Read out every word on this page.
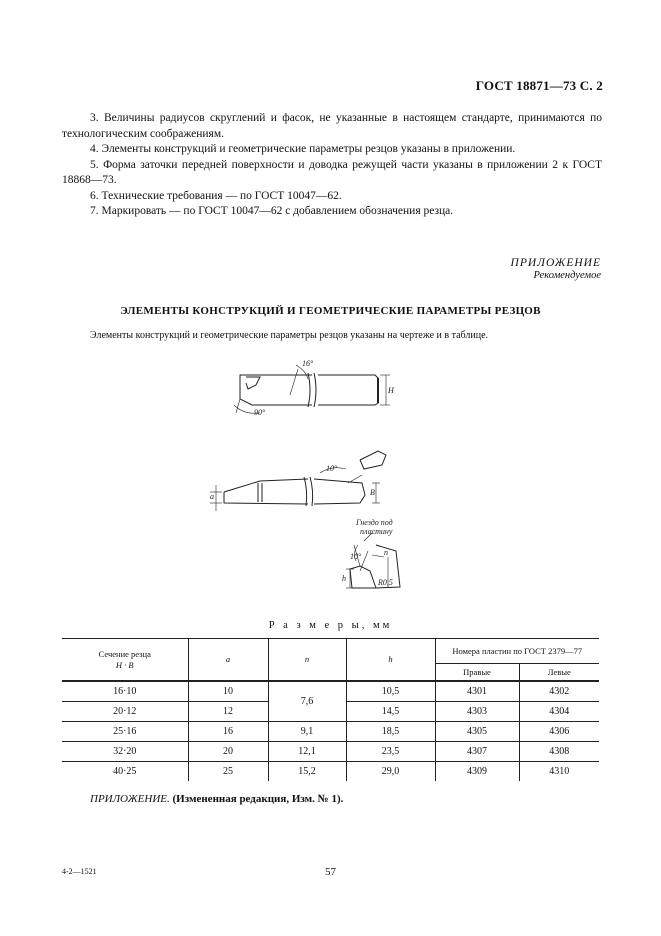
ГОСТ 18871—73 С. 2

3. Величины радиусов скруглений и фасок, не указанные в настоящем стандарте, принимаются по технологическим соображениям.

4. Элементы конструкций и геометрические параметры резцов указаны в приложении.

5. Форма заточки передней поверхности и доводка режущей части указаны в приложении 2 к ГОСТ 18868—73.

6. Технические требования — по ГОСТ 10047—62.

7. Маркировать — по ГОСТ 10047—62 с добавлением обозначения резца.

ПРИЛОЖЕНИЕ
Рекомендуемое
ЭЛЕМЕНТЫ КОНСТРУКЦИЙ И ГЕОМЕТРИЧЕСКИЕ ПАРАМЕТРЫ РЕЗЦОВ
Элементы конструкций и геометрические параметры резцов указаны на чертеже и в таблице.
16°
90°
H
10°
a	B
Гнездо под
пластину
10°	n
h	R0,5
Р а з м е р ы, мм
Сечение резца
H · B	a	n	h	Номера пластин по ГОСТ 2379—77	
				Правые	Левые
16·10	10	7,6	10,5	4301	4302
20·12	12		14,5	4303	4304
25·16	16	9,1	18,5	4305	4306
32·20	20	12,1	23,5	4307	4308
40·25	25	15,2	29,0	4309	4310
ПРИЛОЖЕНИЕ. (Измененная редакция, Изм. № 1).
4-2—1521	57
